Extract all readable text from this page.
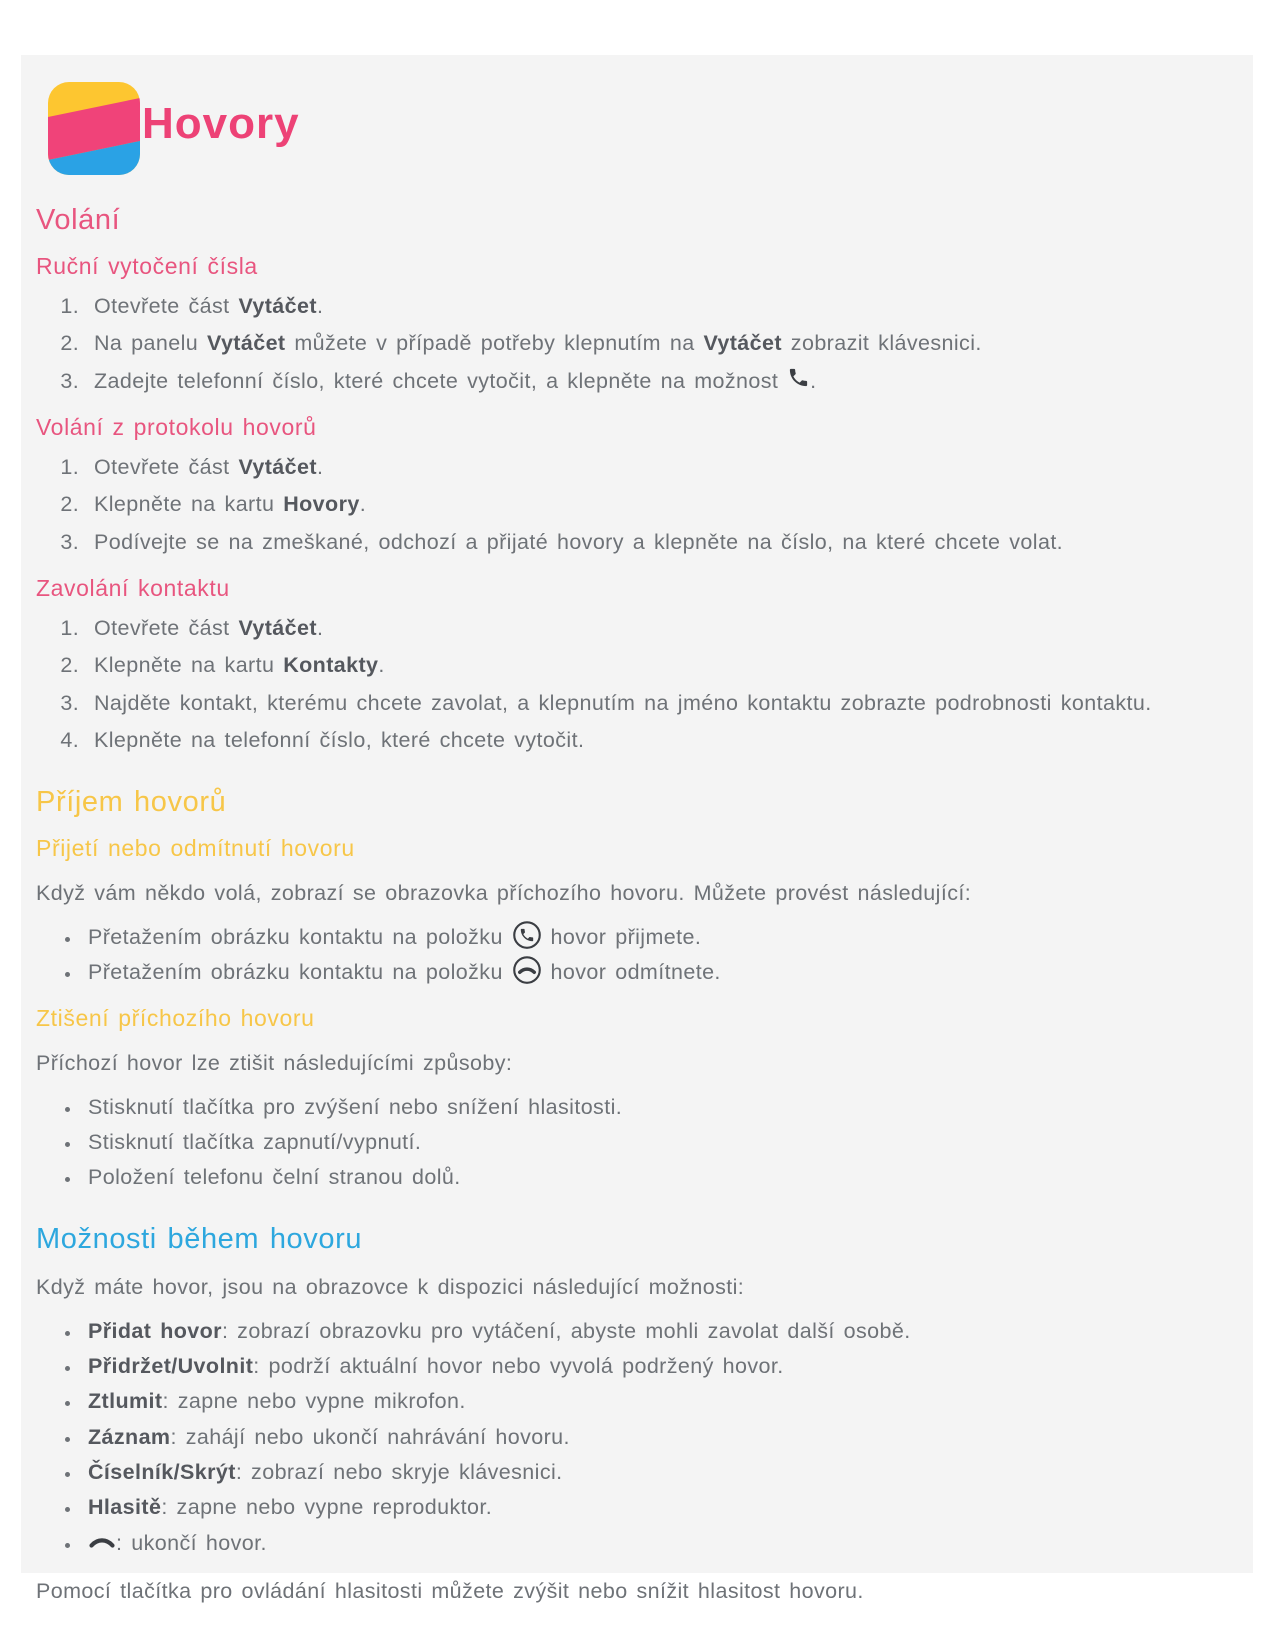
Hovory
Volání
Ruční vytočení čísla
1. Otevřete část Vytáčet.
2. Na panelu Vytáčet můžete v případě potřeby klepnutím na Vytáčet zobrazit klávesnici.
3. Zadejte telefonní číslo, které chcete vytočit, a klepněte na možnost
.
Volání z protokolu hovorů
1. Otevřete část Vytáčet.
2. Klepněte na kartu Hovory.
3. Podívejte se na zmeškané, odchozí a přijaté hovory a klepněte na číslo, na které chcete volat.
Zavolání kontaktu
1. Otevřete část Vytáčet.
2. Klepněte na kartu Kontakty.
3. Najděte kontakt, kterému chcete zavolat, a klepnutím na jméno kontaktu zobrazte podrobnosti kontaktu.
4. Klepněte na telefonní číslo, které chcete vytočit.
Příjem hovorů
Přijetí nebo odmítnutí hovoru

Když vám někdo volá, zobrazí se obrazovka příchozího hovoru. Můžete provést následující:

• Přetažením obrázku kontaktu na položku
hovor přijmete.
• Přetažením obrázku kontaktu na položku
hovor odmítnete.
Ztišení příchozího hovoru

Příchozí hovor lze ztišit následujícími způsoby:

• Stisknutí tlačítka pro zvýšení nebo snížení hlasitosti.
• Stisknutí tlačítka zapnutí/vypnutí.
• Položení telefonu čelní stranou dolů.
Možnosti během hovoru

Když máte hovor, jsou na obrazovce k dispozici následující možnosti:

• Přidat hovor: zobrazí obrazovku pro vytáčení, abyste mohli zavolat další osobě.
• Přidržet/Uvolnit: podrží aktuální hovor nebo vyvolá podržený hovor.
• Ztlumit: zapne nebo vypne mikrofon.
• Záznam: zahájí nebo ukončí nahrávání hovoru.
• Číselník/Skrýt: zobrazí nebo skryje klávesnici.
• Hlasitě: zapne nebo vypne reproduktor.
• : ukončí hovor.

Pomocí tlačítka pro ovládání hlasitosti můžete zvýšit nebo snížit hlasitost hovoru.
